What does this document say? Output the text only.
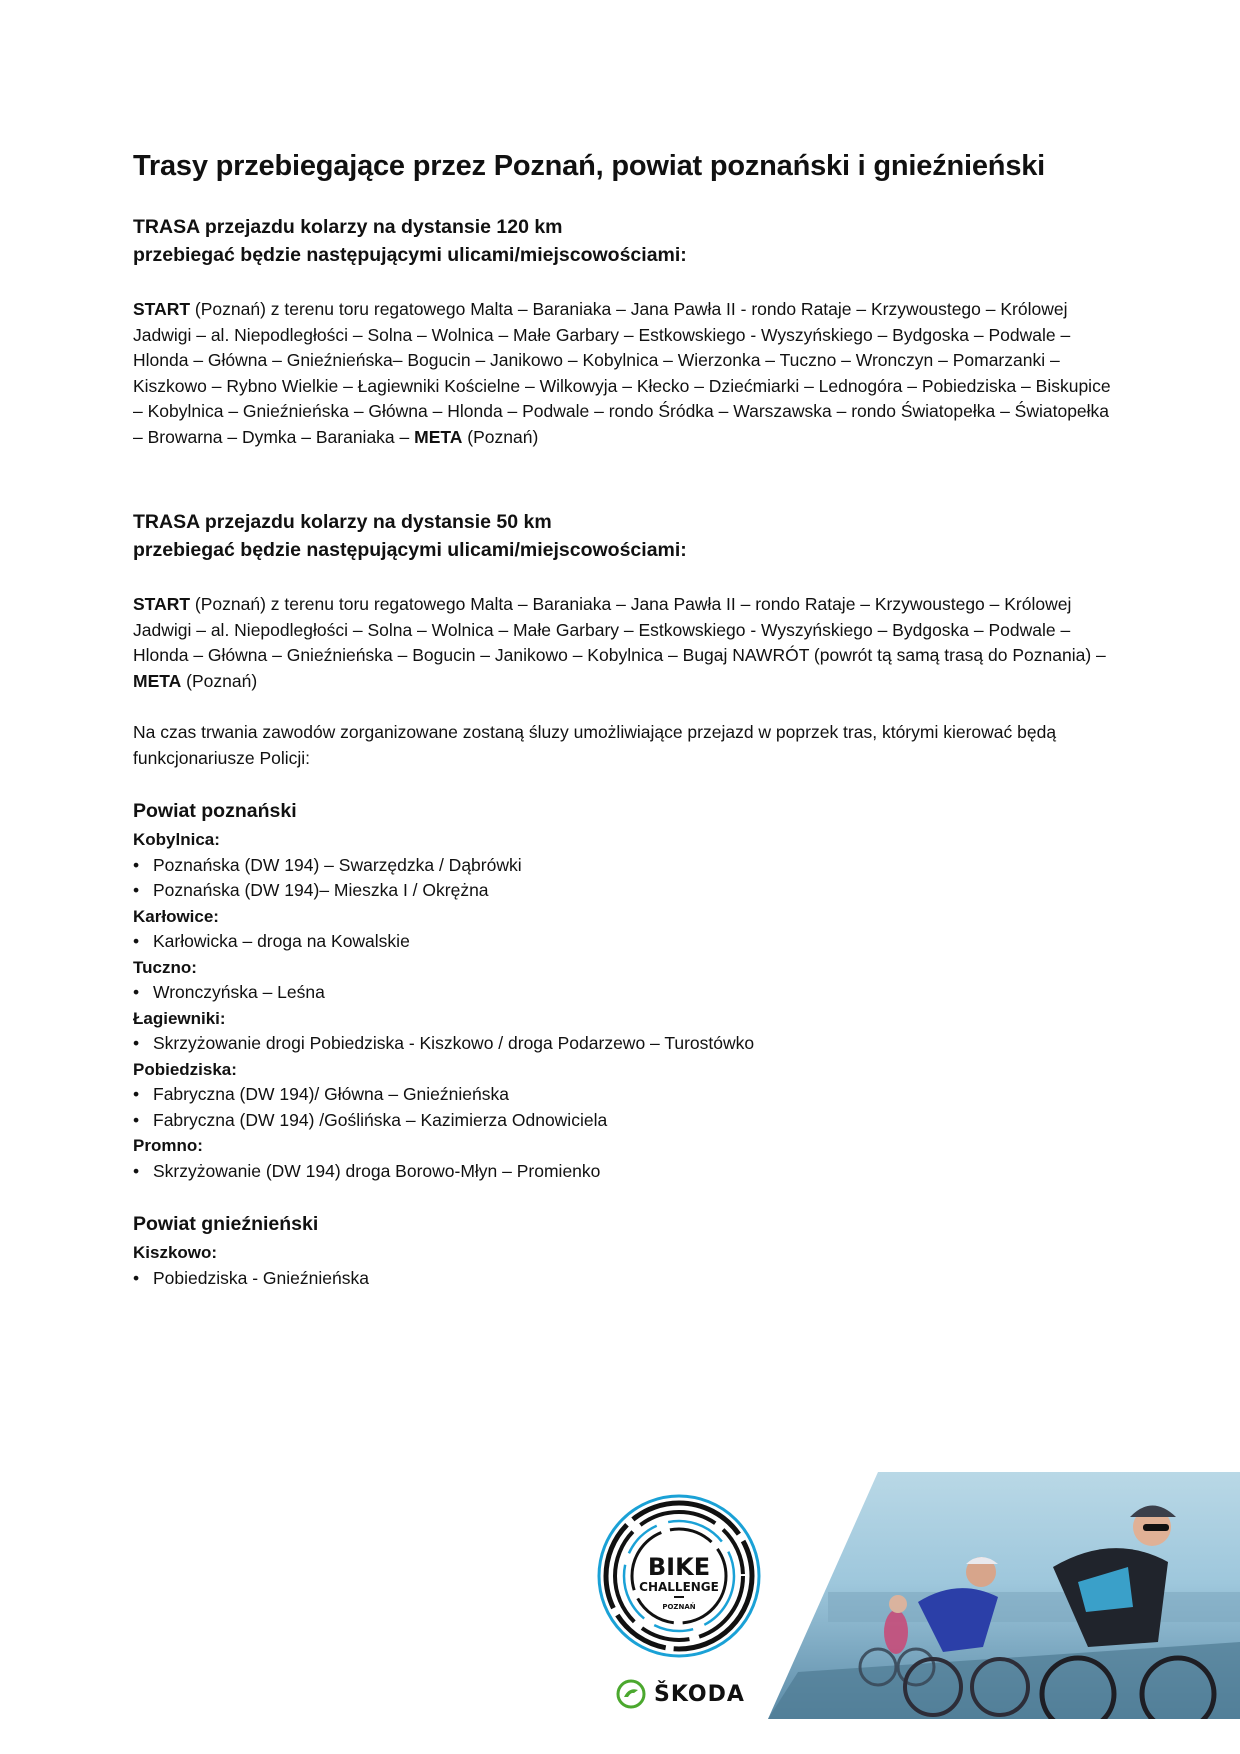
Trasy przebiegające przez Poznań, powiat poznański i gnieźnieński

TRASA przejazdu kolarzy na dystansie 120 km
przebiegać będzie następującymi ulicami/miejscowościami:

START (Poznań) z terenu toru regatowego Malta – Baraniaka – Jana Pawła II - rondo Rataje – Krzywoustego – Królowej Jadwigi – al. Niepodległości – Solna – Wolnica – Małe Garbary – Estkowskiego - Wyszyńskiego – Bydgoska – Podwale – Hlonda – Główna – Gnieźnieńska– Bogucin – Janikowo – Kobylnica – Wierzonka – Tuczno – Wronczyn – Pomarzanki – Kiszkowo – Rybno Wielkie – Łagiewniki Kościelne – Wilkowyja – Kłecko – Dziećmiarki – Lednogóra – Pobiedziska – Biskupice – Kobylnica – Gnieźnieńska – Główna – Hlonda – Podwale – rondo Śródka – Warszawska – rondo Światopełka – Światopełka – Browarna – Dymka – Baraniaka – META (Poznań)

TRASA przejazdu kolarzy na dystansie 50 km
przebiegać będzie następującymi ulicami/miejscowościami:

START (Poznań) z terenu toru regatowego Malta – Baraniaka – Jana Pawła II – rondo Rataje – Krzywoustego – Królowej Jadwigi – al. Niepodległości – Solna – Wolnica – Małe Garbary – Estkowskiego - Wyszyńskiego – Bydgoska – Podwale – Hlonda – Główna – Gnieźnieńska – Bogucin – Janikowo – Kobylnica – Bugaj NAWRÓT (powrót tą samą trasą do Poznania) – META (Poznań)

Na czas trwania zawodów zorganizowane zostaną śluzy umożliwiające przejazd w poprzek tras, którymi kierować będą funkcjonariusze Policji:

Powiat poznański
Kobylnica:
• Poznańska (DW 194) – Swarzędzka / Dąbrówki
• Poznańska (DW 194)– Mieszka I / Okrężna
Karłowice:
• Karłowicka – droga na Kowalskie
Tuczno:
• Wronczyńska – Leśna
Łagiewniki:
• Skrzyżowanie drogi Pobiedziska - Kiszkowo / droga Podarzewo – Turostówko
Pobiedziska:
• Fabryczna (DW 194)/ Główna – Gnieźnieńska
• Fabryczna (DW 194) /Goślińska – Kazimierza Odnowiciela
Promno:
• Skrzyżowanie (DW 194) droga Borowo-Młyn – Promienko
Powiat gnieźnieński
Kiszkowo:
• Pobiedziska - Gnieźnieńska
BIKE
CHALLENGE
POZNAŃ
ŠKODA
